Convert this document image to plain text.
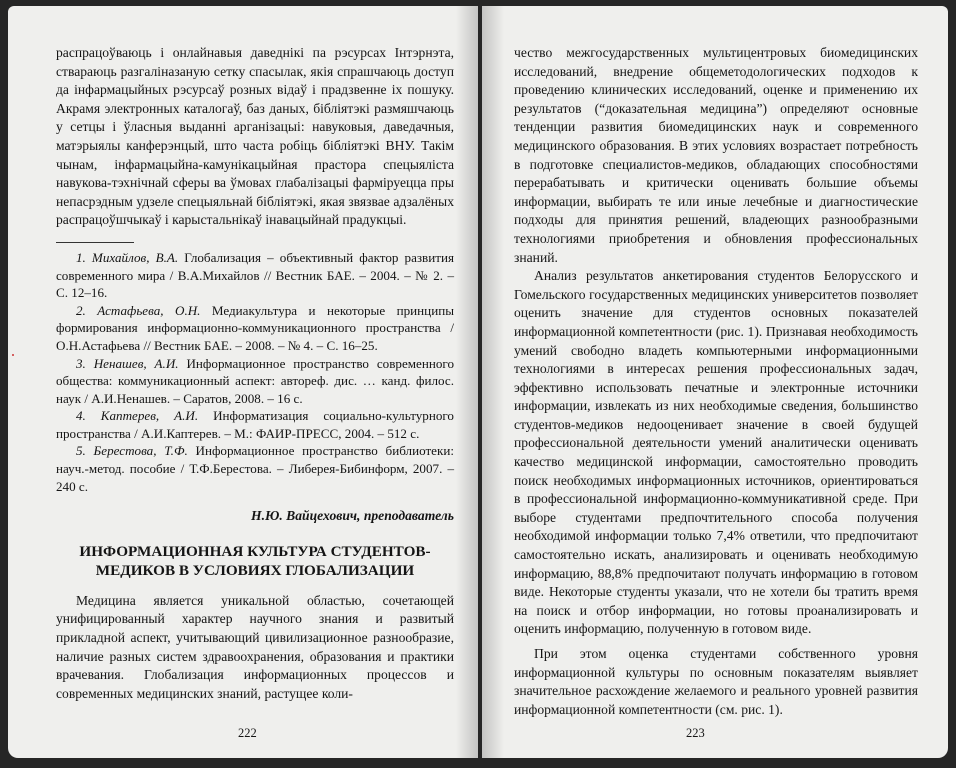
распрацоўваюць і онлайнавыя даведнікі па рэсурсах Інтэрнэта, ствараюць разгаліназаную сетку спасылак, якія спрашчаюць доступ да інфармацыйных рэсурсаў розных відаў і прадзвенне іх пошуку. Акрамя электронных каталогаў, баз даных, бібліятэкі размяшчаюць у сетцы і ўласныя выданні арганізацыі: навуковыя, даведачныя, матэрыялы канферэнцый, што часта робіць бібліятэкі ВНУ. Такім чынам, інфармацыйна-камунікацыйная прастора спецыяліста навукова-тэхнічнай сферы ва ўмовах глабалізацыі фарміруецца пры непасрэдным удзеле спецыяльнай бібліятэкі, якая звязвае адзалёных распрацоўшчыкаў і карыстальнікаў інавацыйнай прадукцыі.

1. Михайлов, В.А. Глобализация – объективный фактор развития современного мира / В.А.Михайлов // Вестник БАЕ. – 2004. – № 2. – С. 12–16.

2. Астафьева, О.Н. Медиакультура и некоторые принципы формирования информационно-коммуникационного пространства / О.Н.Астафьева // Вестник БАЕ. – 2008. – № 4. – С. 16–25.

3. Ненашев, А.И. Информационное пространство современного общества: коммуникационный аспект: автореф. дис. … канд. филос. наук / А.И.Ненашев. – Саратов, 2008. – 16 с.

4. Каптерев, А.И. Информатизация социально-культурного пространства / А.И.Каптерев. – М.: ФАИР-ПРЕСС, 2004. – 512 с.

5. Берестова, Т.Ф. Информационное пространство библиотеки: науч.-метод. пособие / Т.Ф.Берестова. – Либерея-Бибинформ, 2007. – 240 с.

Н.Ю. Вайцехович, преподаватель

ИНФОРМАЦИОННАЯ КУЛЬТУРА СТУДЕНТОВ-МЕДИКОВ В УСЛОВИЯХ ГЛОБАЛИЗАЦИИ

Медицина является уникальной областью, сочетающей унифицированный характер научного знания и развитый прикладной аспект, учитывающий цивилизационное разнообразие, наличие разных систем здравоохранения, образования и практики врачевания. Глобализация информационных процессов и современных медицинских знаний, растущее коли-

222

чество межгосударственных мультицентровых биомедицинских исследований, внедрение общеметодологических подходов к проведению клинических исследований, оценке и применению их результатов (“доказательная медицина”) определяют основные тенденции развития биомедицинских наук и современного медицинского образования. В этих условиях возрастает потребность в подготовке специалистов-медиков, обладающих способностями перерабатывать и критически оценивать большие объемы информации, выбирать те или иные лечебные и диагностические подходы для принятия решений, владеющих разнообразными технологиями приобретения и обновления профессиональных знаний.

Анализ результатов анкетирования студентов Белорусского и Гомельского государственных медицинских университетов позволяет оценить значение для студентов основных показателей информационной компетентности (рис. 1). Признавая необходимость умений свободно владеть компьютерными информационными технологиями в интересах решения профессиональных задач, эффективно использовать печатные и электронные источники информации, извлекать из них необходимые сведения, большинство студентов-медиков недооценивает значение в своей будущей профессиональной деятельности умений аналитически оценивать качество медицинской информации, самостоятельно проводить поиск необходимых информационных источников, ориентироваться в профессиональной информационно-коммуникативной среде. При выборе студентами предпочтительного способа получения необходимой информации только 7,4% ответили, что предпочитают самостоятельно искать, анализировать и оценивать необходимую информацию, 88,8% предпочитают получать информацию в готовом виде. Некоторые студенты указали, что не хотели бы тратить время на поиск и отбор информации, но готовы проанализировать и оценить информацию, полученную в готовом виде.

При этом оценка студентами собственного уровня информационной культуры по основным показателям выявляет значительное расхождение желаемого и реального уровней развития информационной компетентности (см. рис. 1).

223
